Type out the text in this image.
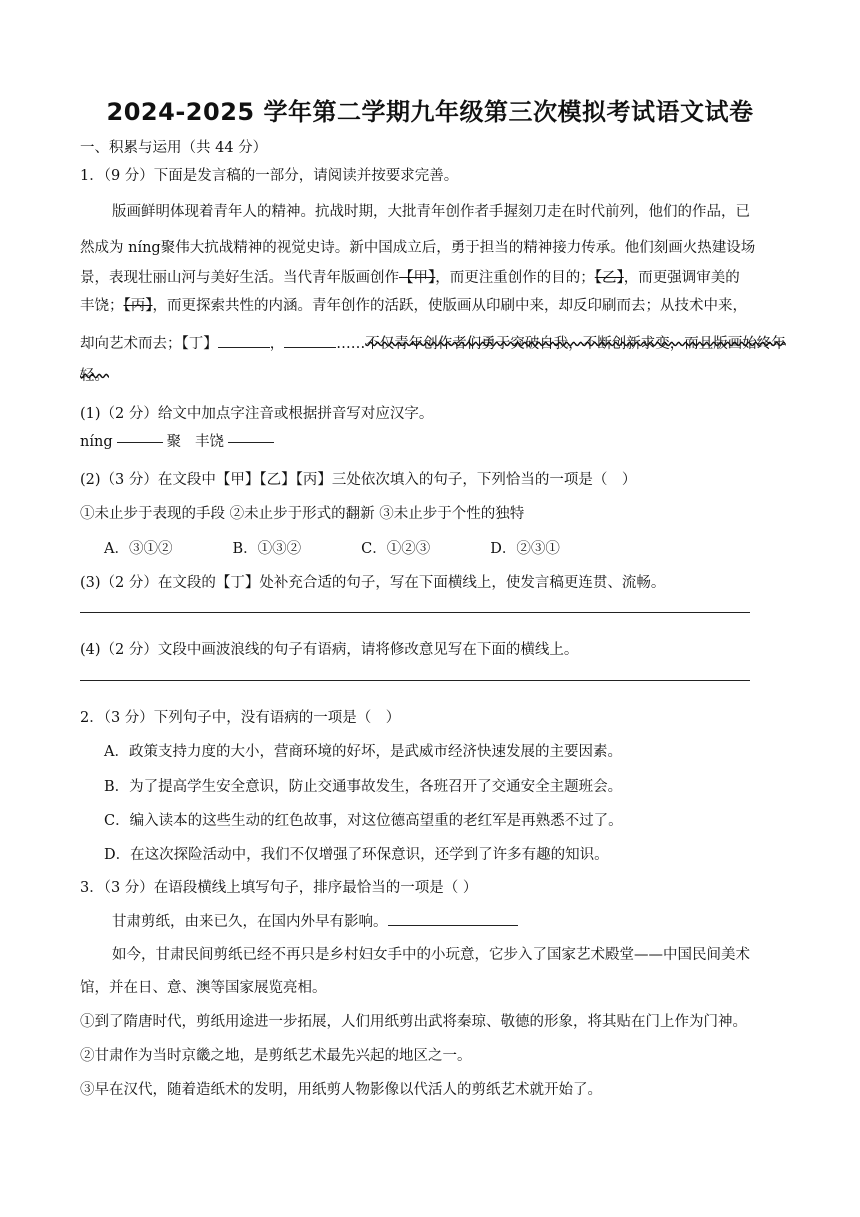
2024-2025 学年第二学期九年级第三次模拟考试语文试卷
一、积累与运用（共 44 分）
1．（9 分）下面是发言稿的一部分，请阅读并按要求完善。
版画鲜明体现着青年人的精神。抗战时期，大批青年创作者手握刻刀走在时代前列，他们的作品，已
然成为 níng聚伟大抗战精神的视觉史诗。新中国成立后，勇于担当的精神接力传承。他们刻画火热建设场
景，表现壮丽山河与美好生活。当代青年版画创作【甲】，而更注重创作的目的；【乙】，而更强调审美的
丰饶；【丙】，而更探索共性的内涵。青年创作的活跃，使版画从印刷中来，却反印刷而去；从技术中来，
却向艺术而去；【丁】	，	……不仅青年创作者们勇于突破自我，不断创新求变，而且版画始终年
轻。
(1)（2 分）给文中加点字注音或根据拼音写对应汉字。
níng	聚 丰饶
(2)（3 分）在文段中【甲】【乙】【丙】三处依次填入的句子，下列恰当的一项是（　）
①未止步于表现的手段 ②未止步于形式的翻新 ③未止步于个性的独特
A．③①②	B．①③②	C．①②③	D．②③①
(3)（2 分）在文段的【丁】处补充合适的句子，写在下面横线上，使发言稿更连贯、流畅。
(4)（2 分）文段中画波浪线的句子有语病，请将修改意见写在下面的横线上。
2．（3 分）下列句子中，没有语病的一项是（　）
A．政策支持力度的大小，营商环境的好坏，是武威市经济快速发展的主要因素。
B．为了提高学生安全意识，防止交通事故发生，各班召开了交通安全主题班会。
C．编入读本的这些生动的红色故事，对这位德高望重的老红军是再熟悉不过了。
D．在这次探险活动中，我们不仅增强了环保意识，还学到了许多有趣的知识。
3．（3 分）在语段横线上填写句子，排序最恰当的一项是（ ）
甘肃剪纸，由来已久，在国内外早有影响。
如今，甘肃民间剪纸已经不再只是乡村妇女手中的小玩意，它步入了国家艺术殿堂——中国民间美术
馆，并在日、意、澳等国家展览亮相。
①到了隋唐时代，剪纸用途进一步拓展，人们用纸剪出武将秦琼、敬德的形象，将其贴在门上作为门神。
②甘肃作为当时京畿之地，是剪纸艺术最先兴起的地区之一。
③早在汉代，随着造纸术的发明，用纸剪人物影像以代活人的剪纸艺术就开始了。
